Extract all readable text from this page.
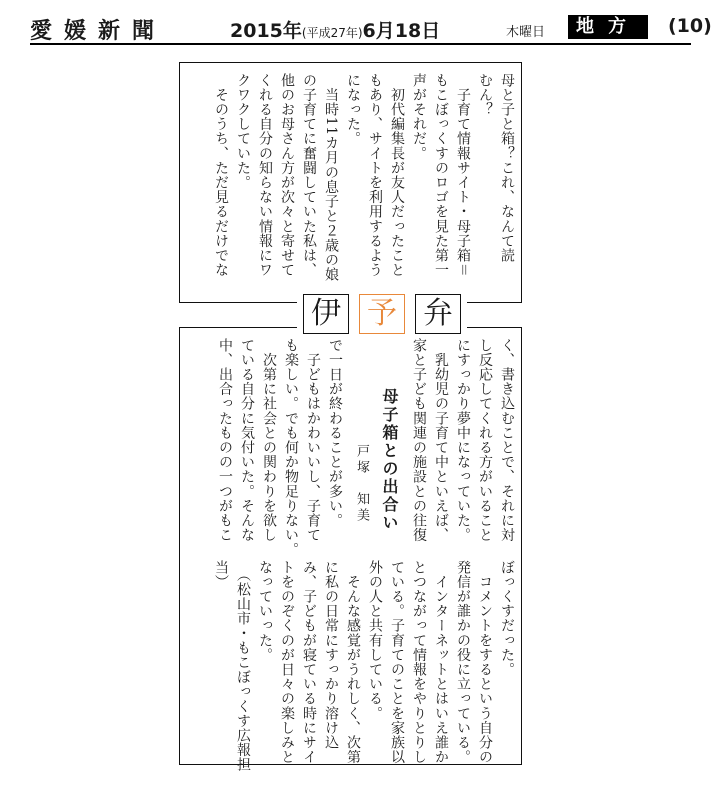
愛媛新聞	2015年(平成27年)6月18日	木曜日	地方	(10)
母と子と箱？これ、なんて読
むん？
　子育て情報サイト・母子箱＝
もこぼっくすのロゴを見た第一
声がそれだ。
　初代編集長が友人だったこと
もあり、サイトを利用するよう
になった。
　当時11カ月の息子と２歳の娘
の子育てに奮闘していた私は、
他のお母さん方が次々と寄せて
くれる自分の知らない情報にワ
クワクしていた。
　そのうち、ただ見るだけでな
く、書き込むことで、それに対
し反応してくれる方がいること
にすっかり夢中になっていた。
　乳幼児の子育て中といえば、
家と子ども関連の施設との往復
母子箱との出合い
戸塚　知美
で一日が終わることが多い。
　子どもはかわいいし、子育て
も楽しい。でも何か物足りない。
　次第に社会との関わりを欲し
ている自分に気付いた。そんな
中、出合ったものの一つがもこ
ぼっくすだった。
　コメントをするという自分の
発信が誰かの役に立っている。
　インターネットとはいえ誰か
とつながって情報をやりとりし
ている。子育てのことを家族以
外の人と共有している。
　そんな感覚がうれしく、次第
に私の日常にすっかり溶け込
み、子どもが寝ている時にサイ
トをのぞくのが日々の楽しみと
なっていった。
　（松山市・もこぼっくす広報担
当）
伊 予 弁
